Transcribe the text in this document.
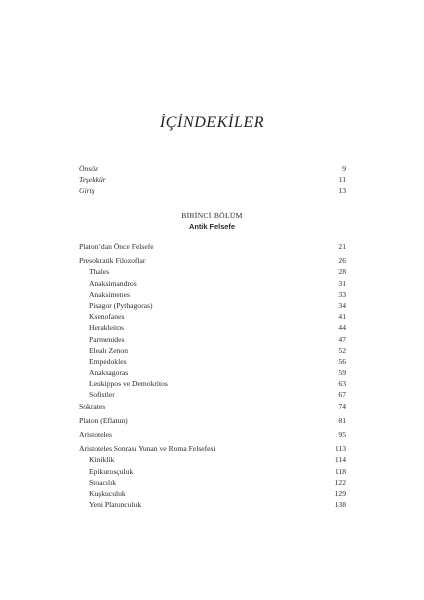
İÇİNDEKİLER
Önsöz	9
Teşekkür	11
Giriş	13
BİRİNCİ BÖLÜM
Antik Felsefe
Platon’dan Önce Felsefe	21
Presokratik Filozoflar	26
Thales	28
Anaksimandros	31
Anaksimenes	33
Pisagor (Pythagoras)	34
Ksenofanes	41
Herakleitos	44
Parmenides	47
Elealı Zenon	52
Empedokles	56
Anaksagoras	59
Leukippos ve Demokritos	63
Sofistler	67
Sokrates	74
Platon (Eflatun)	81
Aristoteles	95
Aristoteles Sonrası Yunan ve Roma Felsefesi	113
Kiniklik	114
Epikurosçuluk	118
Stoacılık	122
Kuşkuculuk	129
Yeni Platonculuk	138
